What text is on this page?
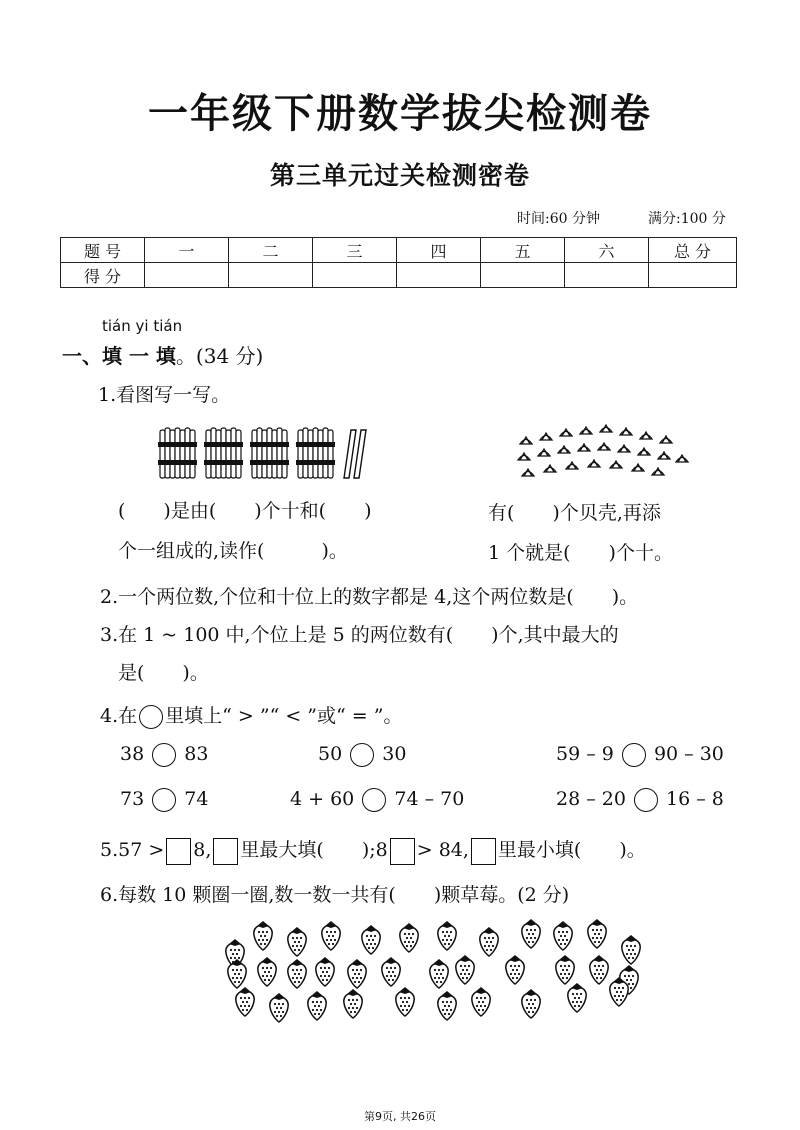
一年级下册数学拔尖检测卷
第三单元过关检测密卷
时间:60 分钟	满分:100 分
题 号	一	二	三	四	五	六	总 分
得 分							
tián yi tián
一、填 一 填。(34 分)
1.看图写一写。
(　　)是由(　　)个十和(　　)
个一组成的,读作(　　　)。
有(　　)个贝壳,再添
1 个就是(　　)个十。
2.一个两位数,个位和十位上的数字都是 4,这个两位数是(　　)。
3.在 1 ~ 100 中,个位上是 5 的两位数有(　　)个,其中最大的
是(　　)。
4.在 里填上“ > ”“ < ”或“ = ”。
38 83	50 30	59 – 9 90 – 30
73 74	4 + 60 74 – 70	28 – 20 16 – 8
5.57 > 8, 里最大填(　　);8 > 84, 里最小填(　　)。
6.每数 10 颗圈一圈,数一数一共有(　　)颗草莓。(2 分)
第9页, 共26页
